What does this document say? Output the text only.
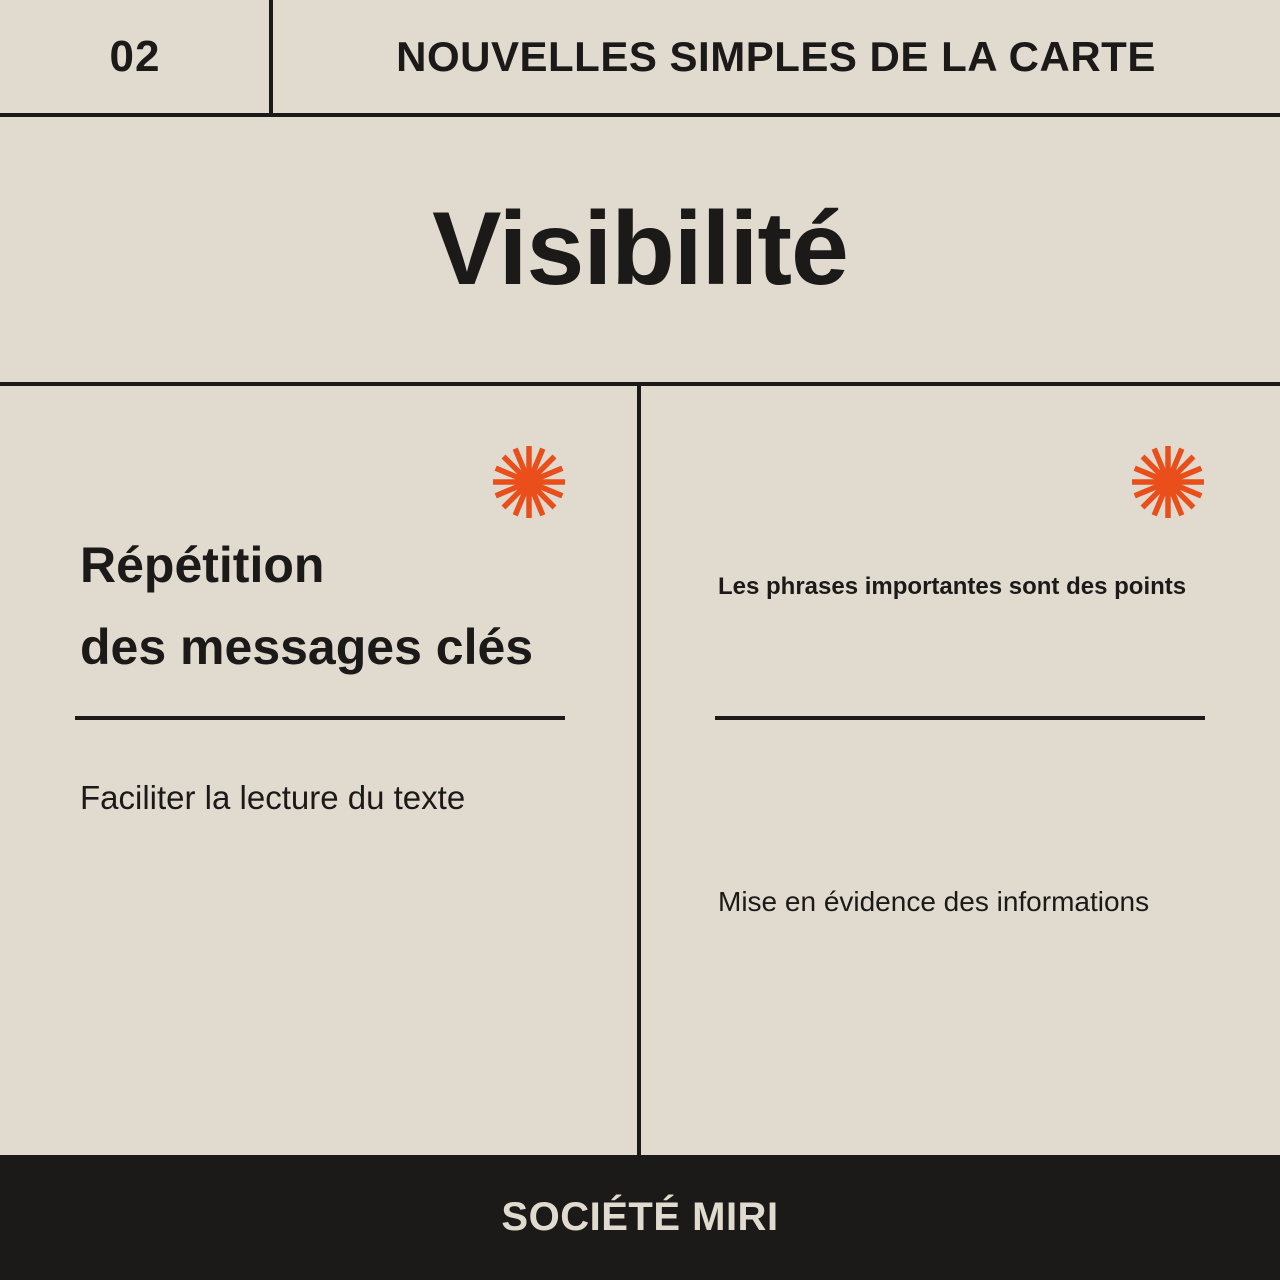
02	NOUVELLES SIMPLES DE LA CARTE
Visibilité
Répétition
des messages clés
Faciliter la lecture du texte
Les phrases importantes sont des points
Mise en évidence des informations
SOCIÉTÉ MIRI
